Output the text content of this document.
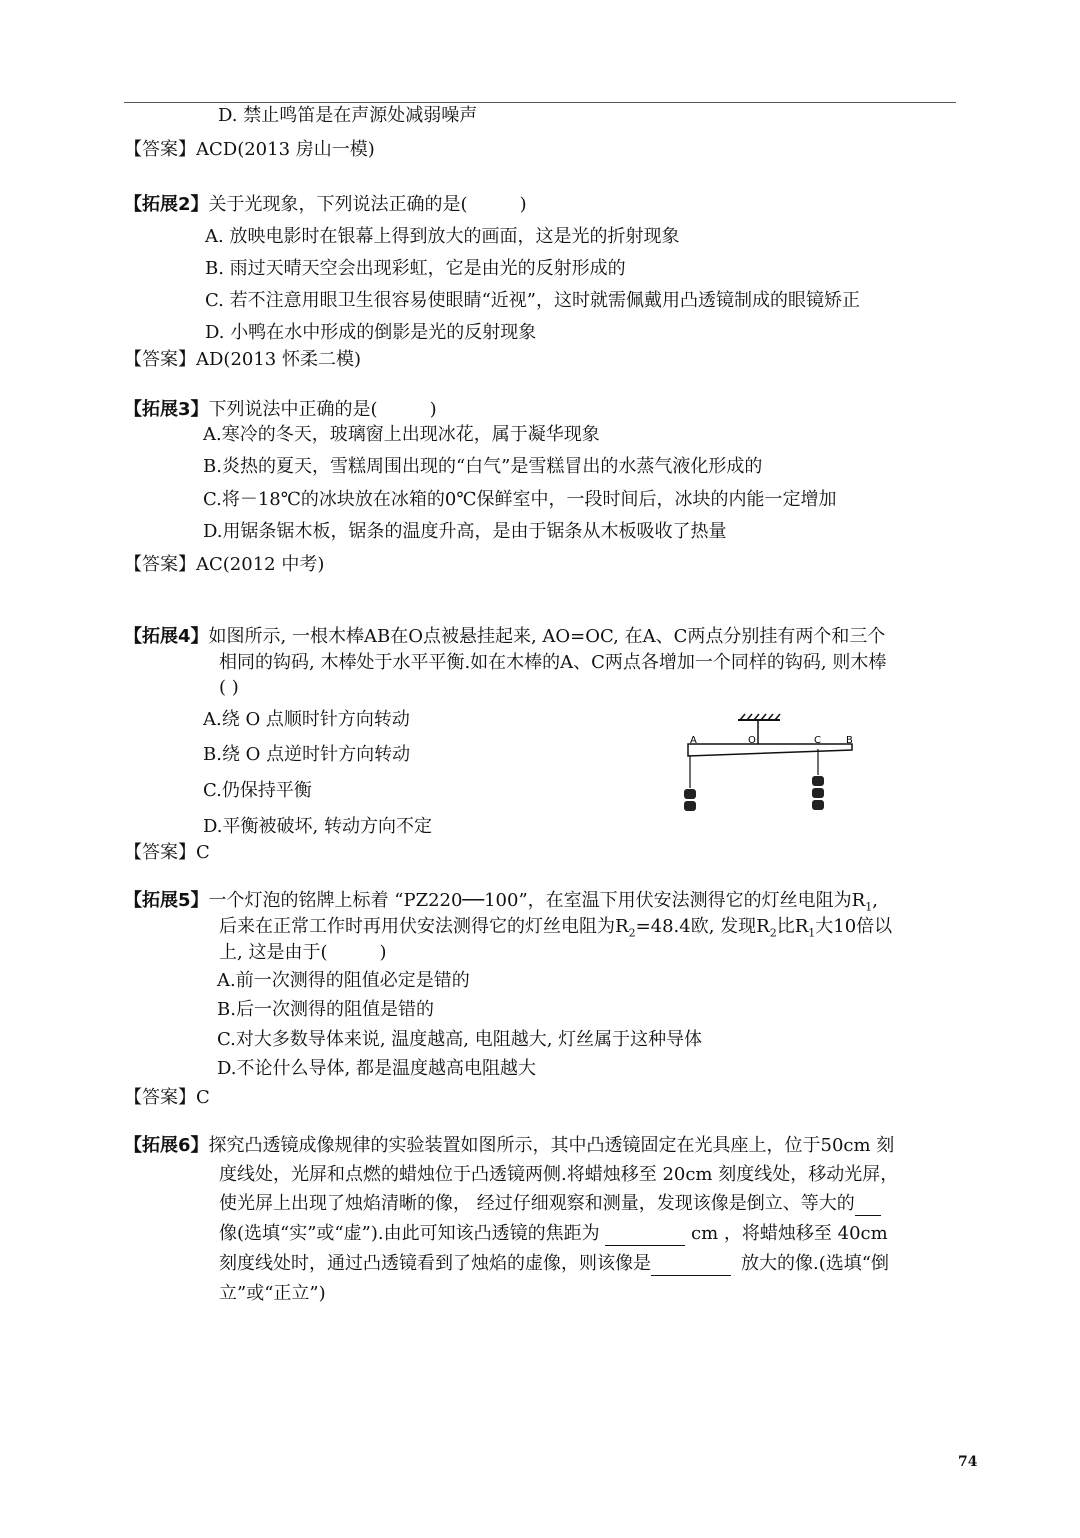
D. 禁止鸣笛是在声源处减弱噪声
【答案】ACD(2013 房山一模)
【拓展2】关于光现象，下列说法正确的是(	)
A. 放映电影时在银幕上得到放大的画面，这是光的折射现象
B. 雨过天晴天空会出现彩虹，它是由光的反射形成的
C. 若不注意用眼卫生很容易使眼睛“近视”，这时就需佩戴用凸透镜制成的眼镜矫正
D. 小鸭在水中形成的倒影是光的反射现象
【答案】AD(2013 怀柔二模)
【拓展3】下列说法中正确的是(	)
A.寒冷的冬天，玻璃窗上出现冰花，属于凝华现象
B.炎热的夏天，雪糕周围出现的“白气”是雪糕冒出的水蒸气液化形成的
C.将－18℃的冰块放在冰箱的0℃保鲜室中，一段时间后，冰块的内能一定增加
D.用锯条锯木板，锯条的温度升高，是由于锯条从木板吸收了热量
【答案】AC(2012 中考)
【拓展4】如图所示, 一根木棒AB在O点被悬挂起来, AO=OC, 在A、C两点分别挂有两个和三个
相同的钩码, 木棒处于水平平衡.如在木棒的A、C两点各增加一个同样的钩码, 则木棒
( )
A.绕 O 点顺时针方向转动
B.绕 O 点逆时针方向转动
C.仍保持平衡
D.平衡被破坏, 转动方向不定
A	O	C	B
【答案】C
【拓展5】一个灯泡的铭牌上标着 “PZ220──100”，在室温下用伏安法测得它的灯丝电阻为$R_1$,
后来在正常工作时再用伏安法测得它的灯丝电阻为$R_2=48.4$欧, 发现$R_2$比$R_1$大10倍以
上, 这是由于(	)
A.前一次测得的阻值必定是错的
B.后一次测得的阻值是错的
C.对大多数导体来说, 温度越高, 电阻越大, 灯丝属于这种导体
D.不论什么导体, 都是温度越高电阻越大
【答案】C
【拓展6】探究凸透镜成像规律的实验装置如图所示，其中凸透镜固定在光具座上，位于50cm 刻
度线处，光屏和点燃的蜡烛位于凸透镜两侧.将蜡烛移至 20cm 刻度线处，移动光屏，
使光屏上出现了烛焰清晰的像， 经过仔细观察和测量，发现该像是倒立、等大的
像(选填“实”或“虚”).由此可知该凸透镜的焦距为	cm ，将蜡烛移至 40cm
刻度线处时，通过凸透镜看到了烛焰的虚像，则该像是	放大的像.(选填“倒
立”或“正立”)
74
